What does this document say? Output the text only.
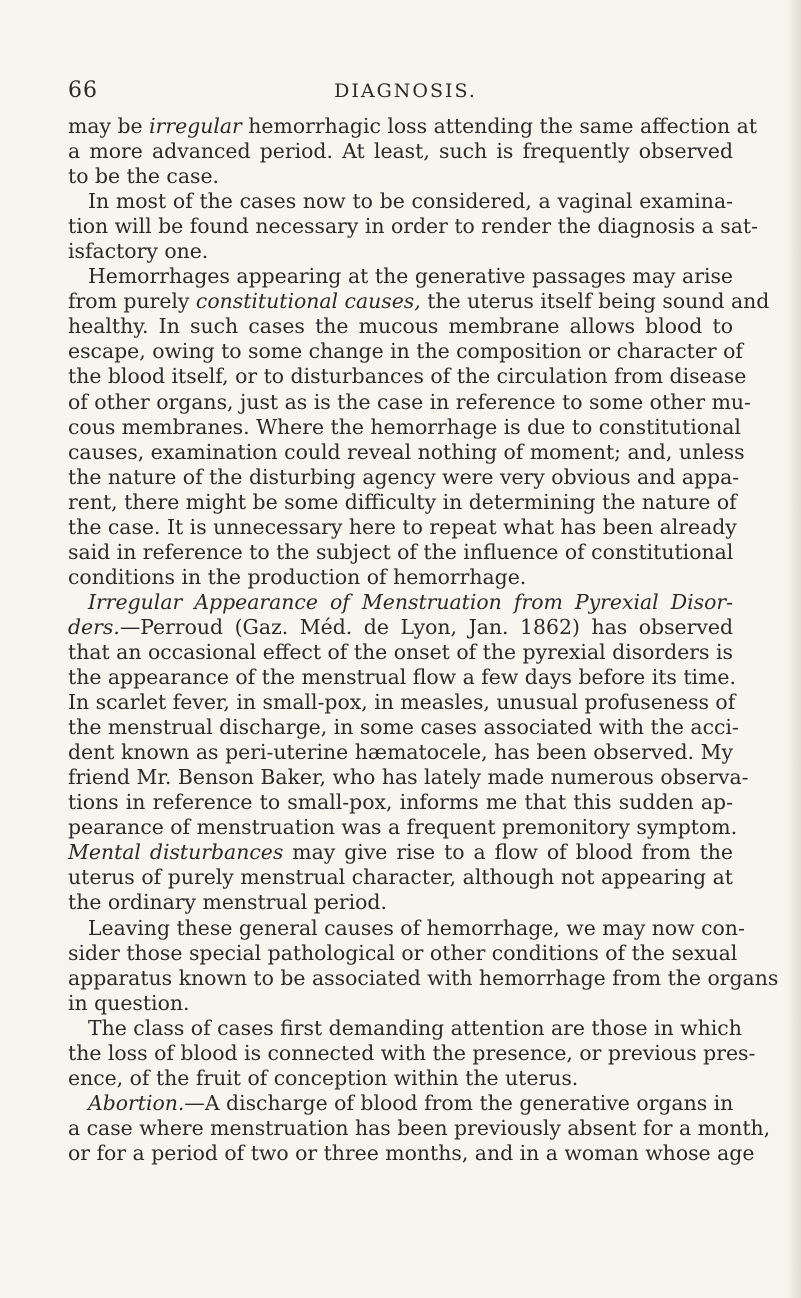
66	DIAGNOSIS.
may be irregular hemorrhagic loss attending the same affection at
a more advanced period. At least, such is frequently observed
to be the case.
In most of the cases now to be considered, a vaginal examina-
tion will be found necessary in order to render the diagnosis a sat-
isfactory one.
Hemorrhages appearing at the generative passages may arise
from purely constitutional causes, the uterus itself being sound and
healthy. In such cases the mucous membrane allows blood to
escape, owing to some change in the composition or character of
the blood itself, or to disturbances of the circulation from disease
of other organs, just as is the case in reference to some other mu-
cous membranes. Where the hemorrhage is due to constitutional
causes, examination could reveal nothing of moment; and, unless
the nature of the disturbing agency were very obvious and appa-
rent, there might be some difficulty in determining the nature of
the case. It is unnecessary here to repeat what has been already
said in reference to the subject of the influence of constitutional
conditions in the production of hemorrhage.
Irregular Appearance of Menstruation from Pyrexial Disor-
ders.—Perroud (Gaz. Méd. de Lyon, Jan. 1862) has observed
that an occasional effect of the onset of the pyrexial disorders is
the appearance of the menstrual flow a few days before its time.
In scarlet fever, in small-pox, in measles, unusual profuseness of
the menstrual discharge, in some cases associated with the acci-
dent known as peri-uterine hæmatocele, has been observed. My
friend Mr. Benson Baker, who has lately made numerous observa-
tions in reference to small-pox, informs me that this sudden ap-
pearance of menstruation was a frequent premonitory symptom.
Mental disturbances may give rise to a flow of blood from the
uterus of purely menstrual character, although not appearing at
the ordinary menstrual period.
Leaving these general causes of hemorrhage, we may now con-
sider those special pathological or other conditions of the sexual
apparatus known to be associated with hemorrhage from the organs
in question.
The class of cases first demanding attention are those in which
the loss of blood is connected with the presence, or previous pres-
ence, of the fruit of conception within the uterus.
Abortion.—A discharge of blood from the generative organs in
a case where menstruation has been previously absent for a month,
or for a period of two or three months, and in a woman whose age
